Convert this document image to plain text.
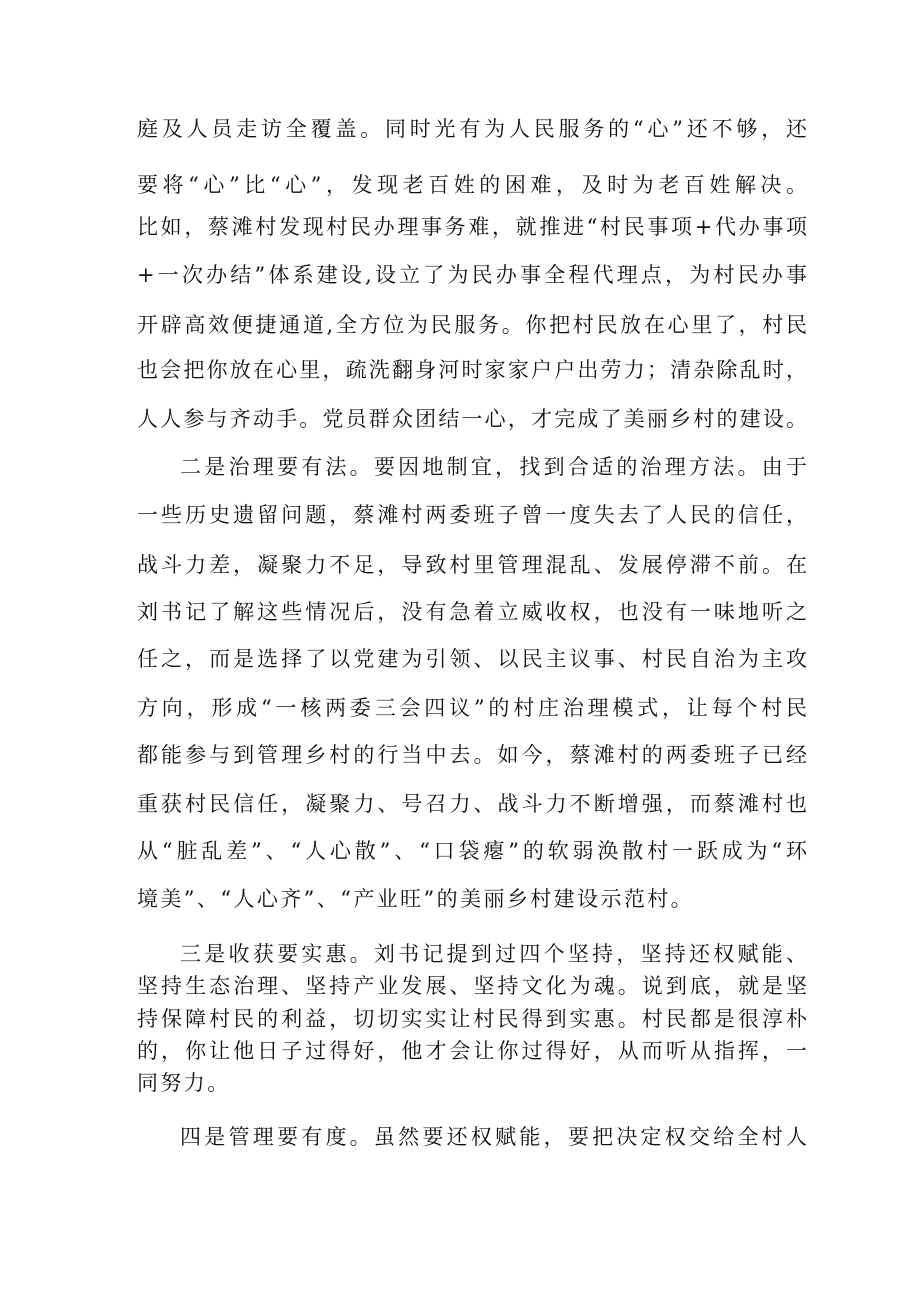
庭及人员走访全覆盖。同时光有为人民服务的“心”还不够，还
要将“心”比“心”，发现老百姓的困难，及时为老百姓解决。
比如，蔡滩村发现村民办理事务难，就推进“村民事项+代办事项
+一次办结”体系建设,设立了为民办事全程代理点，为村民办事
开辟高效便捷通道,全方位为民服务。你把村民放在心里了，村民
也会把你放在心里，疏洗翻身河时家家户户出劳力；清杂除乱时，
人人参与齐动手。党员群众团结一心，才完成了美丽乡村的建设。
二是治理要有法。要因地制宜，找到合适的治理方法。由于
一些历史遗留问题，蔡滩村两委班子曾一度失去了人民的信任，
战斗力差，凝聚力不足，导致村里管理混乱、发展停滞不前。在
刘书记了解这些情况后，没有急着立威收权，也没有一味地听之
任之，而是选择了以党建为引领、以民主议事、村民自治为主攻
方向，形成“一核两委三会四议”的村庄治理模式，让每个村民
都能参与到管理乡村的行当中去。如今，蔡滩村的两委班子已经
重获村民信任，凝聚力、号召力、战斗力不断增强，而蔡滩村也
从“脏乱差”、“人心散”、“口袋瘪”的软弱涣散村一跃成为“环
境美”、“人心齐”、“产业旺”的美丽乡村建设示范村。
三是收获要实惠。刘书记提到过四个坚持，坚持还权赋能、
坚持生态治理、坚持产业发展、坚持文化为魂。说到底，就是坚
持保障村民的利益，切切实实让村民得到实惠。村民都是很淳朴
的，你让他日子过得好，他才会让你过得好，从而听从指挥，一
同努力。
四是管理要有度。虽然要还权赋能，要把决定权交给全村人
